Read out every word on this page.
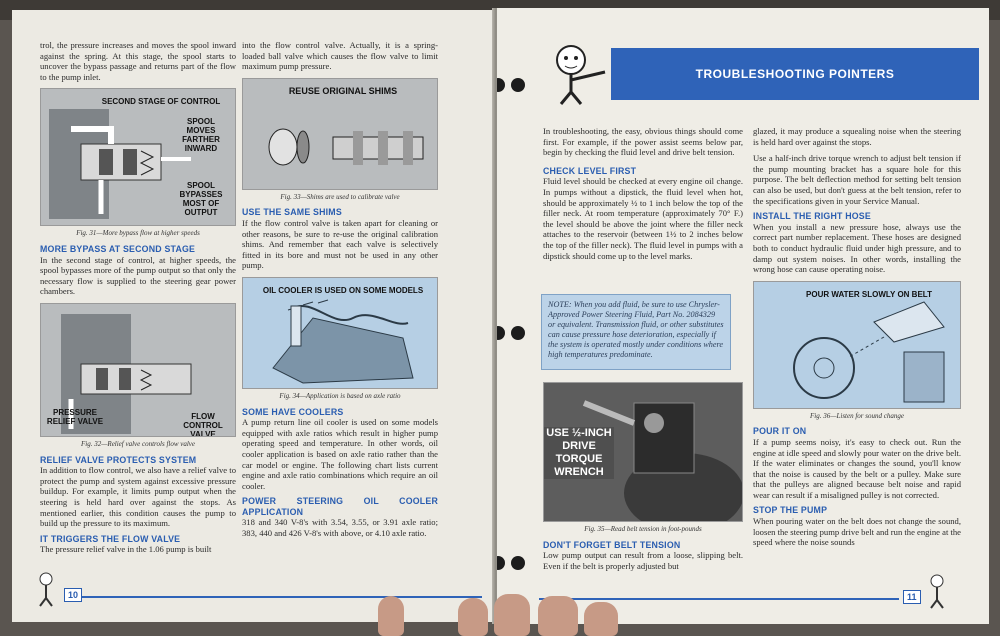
trol, the pressure increases and moves the spool inward against the spring. At this stage, the spool starts to uncover the bypass passage and returns part of the flow to the pump inlet.
SECOND STAGE OF CONTROL
SPOOL MOVES FARTHER INWARD
SPOOL BYPASSES MOST OF OUTPUT
Fig. 31—More bypass flow at higher speeds
MORE BYPASS AT SECOND STAGE
In the second stage of control, at higher speeds, the spool bypasses more of the pump output so that only the necessary flow is supplied to the steering gear power chambers.
PRESSURE RELIEF VALVE
FLOW CONTROL VALVE
Fig. 32—Relief valve controls flow valve
RELIEF VALVE PROTECTS SYSTEM
In addition to flow control, we also have a relief valve to protect the pump and system against excessive pressure buildup. For example, it limits pump output when the steering is held hard over against the stops. As mentioned earlier, this condition causes the pump to build up the pressure to its maximum.
IT TRIGGERS THE FLOW VALVE
The pressure relief valve in the 1.06 pump is built
into the flow control valve. Actually, it is a spring-loaded ball valve which causes the flow valve to limit maximum pump pressure.
REUSE ORIGINAL SHIMS
Fig. 33—Shims are used to calibrate valve
USE THE SAME SHIMS
If the flow control valve is taken apart for cleaning or other reasons, be sure to re-use the original calibration shims. And remember that each valve is selectively fitted in its bore and must not be used in any other pump.
OIL COOLER IS USED ON SOME MODELS
Fig. 34—Application is based on axle ratio
SOME HAVE COOLERS
A pump return line oil cooler is used on some models equipped with axle ratios which result in higher pump operating speed and temperature. In other words, oil cooler application is based on axle ratio rather than the car model or engine. The following chart lists current engine and axle ratio combinations which require an oil cooler.
POWER STEERING OIL COOLER APPLICATION
318 and 340 V-8's with 3.54, 3.55, or 3.91 axle ratio; 383, 440 and 426 V-8's with above, or 4.10 axle ratio.
10
TROUBLESHOOTING POINTERS
In troubleshooting, the easy, obvious things should come first. For example, if the power assist seems below par, begin by checking the fluid level and drive belt tension.
CHECK LEVEL FIRST
Fluid level should be checked at every engine oil change. In pumps without a dipstick, the fluid level when hot, should be approximately ½ to 1 inch below the top of the filler neck. At room temperature (approximately 70° F.) the level should be above the joint where the filler neck attaches to the reservoir (between 1½ to 2 inches below the top of the filler neck). The fluid level in pumps with a dipstick should come up to the level marks.
NOTE: When you add fluid, be sure to use Chrysler-Approved Power Steering Fluid, Part No. 2084329 or equivalent. Transmission fluid, or other substitutes can cause pressure hose deterioration, especially if the system is operated mostly under conditions where high temperatures predominate.
USE ½-INCH DRIVE TORQUE WRENCH
Fig. 35—Read belt tension in foot-pounds
DON'T FORGET BELT TENSION
Low pump output can result from a loose, slipping belt. Even if the belt is properly adjusted but
glazed, it may produce a squealing noise when the steering is held hard over against the stops.
Use a half-inch drive torque wrench to adjust belt tension if the pump mounting bracket has a square hole for this purpose. The belt deflection method for setting belt tension can also be used, but don't guess at the belt tension, refer to the specifications given in your Service Manual.
INSTALL THE RIGHT HOSE
When you install a new pressure hose, always use the correct part number replacement. These hoses are designed both to conduct hydraulic fluid under high pressure, and to damp out system noises. In other words, installing the wrong hose can cause operating noise.
POUR WATER SLOWLY ON BELT
Fig. 36—Listen for sound change
POUR IT ON
If a pump seems noisy, it's easy to check out. Run the engine at idle speed and slowly pour water on the drive belt. If the water eliminates or changes the sound, you'll know that the noise is caused by the belt or a pulley. Make sure that the pulleys are aligned because belt noise and rapid wear can result if a misaligned pulley is not corrected.
STOP THE PUMP
When pouring water on the belt does not change the sound, loosen the steering pump drive belt and run the engine at the speed where the noise sounds
11
